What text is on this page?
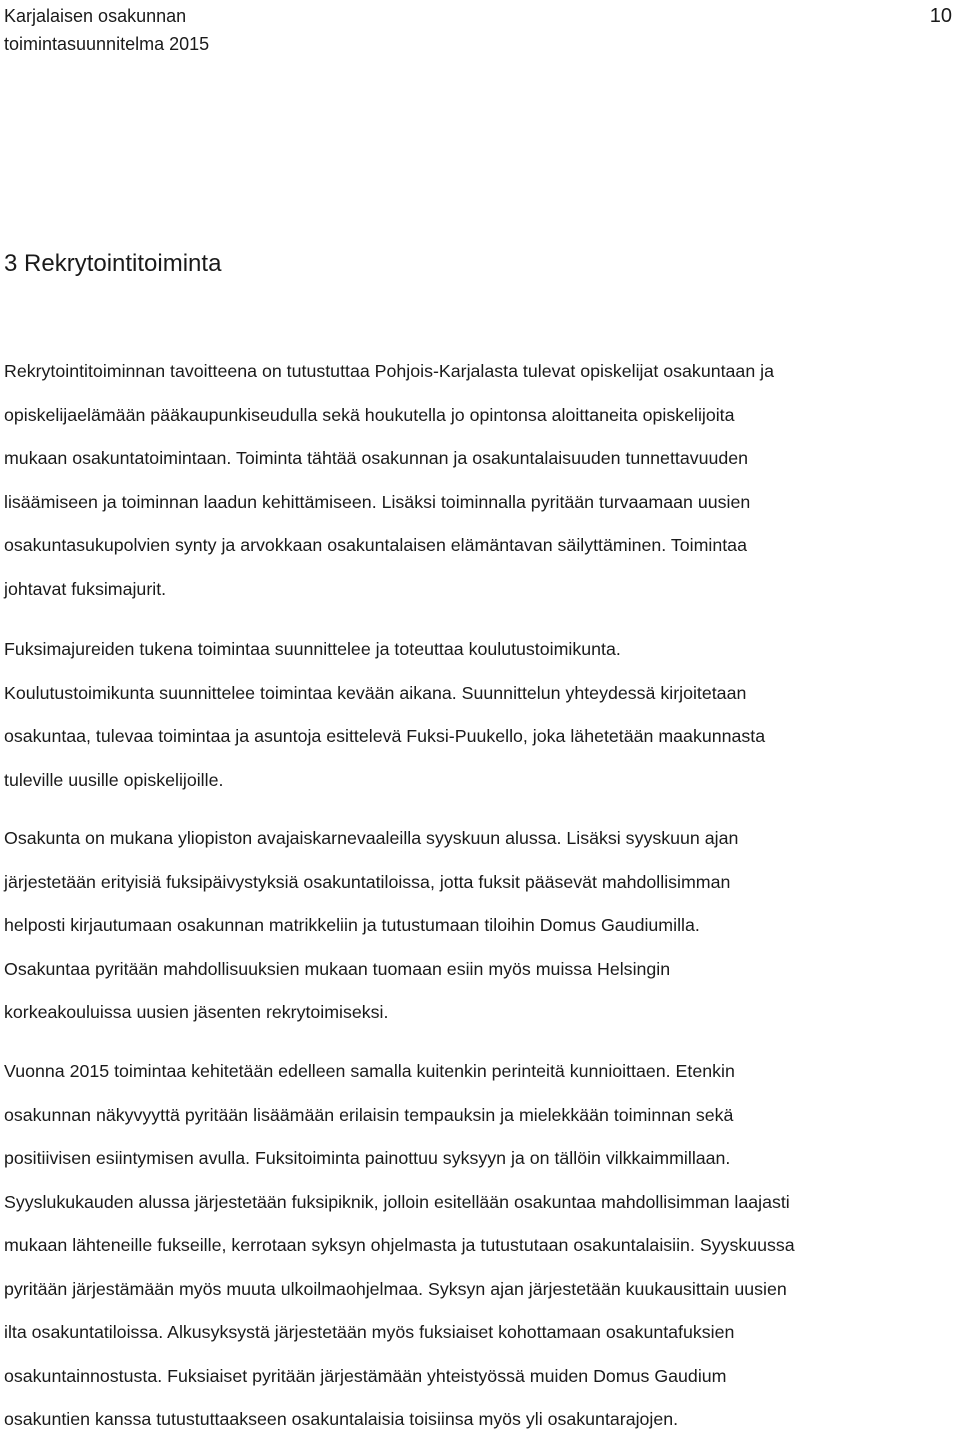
Karjalaisen osakunnan
toimintasuunnitelma 2015
10
3 Rekrytointitoiminta
Rekrytointitoiminnan tavoitteena on tutustuttaa Pohjois-Karjalasta tulevat opiskelijat osakuntaan ja
opiskelijaelämään pääkaupunkiseudulla sekä houkutella jo opintonsa aloittaneita opiskelijoita
mukaan osakuntatoimintaan. Toiminta tähtää osakunnan ja osakuntalaisuuden tunnettavuuden
lisäämiseen ja toiminnan laadun kehittämiseen. Lisäksi toiminnalla pyritään turvaamaan uusien
osakuntasukupolvien synty ja arvokkaan osakuntalaisen elämäntavan säilyttäminen. Toimintaa
johtavat fuksimajurit.
Fuksimajureiden tukena toimintaa suunnittelee ja toteuttaa koulutustoimikunta.
Koulutustoimikunta suunnittelee toimintaa kevään aikana. Suunnittelun yhteydessä kirjoitetaan
osakuntaa, tulevaa toimintaa ja asuntoja esittelevä Fuksi-Puukello, joka lähetetään maakunnasta
tuleville uusille opiskelijoille.
Osakunta on mukana yliopiston avajaiskarnevaaleilla syyskuun alussa. Lisäksi syyskuun ajan
järjestetään erityisiä fuksipäivystyksiä osakuntatiloissa, jotta fuksit pääsevät mahdollisimman
helposti kirjautumaan osakunnan matrikkeliin ja tutustumaan tiloihin Domus Gaudiumilla.
Osakuntaa pyritään mahdollisuuksien mukaan tuomaan esiin myös muissa Helsingin
korkeakouluissa uusien jäsenten rekrytoimiseksi.
Vuonna 2015 toimintaa kehitetään edelleen samalla kuitenkin perinteitä kunnioittaen. Etenkin
osakunnan näkyvyyttä pyritään lisäämään erilaisin tempauksin ja mielekkään toiminnan sekä
positiivisen esiintymisen avulla. Fuksitoiminta painottuu syksyyn ja on tällöin vilkkaimmillaan.
Syyslukukauden alussa järjestetään fuksipiknik, jolloin esitellään osakuntaa mahdollisimman laajasti
mukaan lähteneille fukseille, kerrotaan syksyn ohjelmasta ja tutustutaan osakuntalaisiin. Syyskuussa
pyritään järjestämään myös muuta ulkoilmaohjelmaa. Syksyn ajan järjestetään kuukausittain uusien
ilta osakuntatiloissa. Alkusyksystä järjestetään myös fuksiaiset kohottamaan osakuntafuksien
osakuntainnostusta. Fuksiaiset pyritään järjestämään yhteistyössä muiden Domus Gaudium
osakuntien kanssa tutustuttaakseen osakuntalaisia toisiinsa myös yli osakuntarajojen.
